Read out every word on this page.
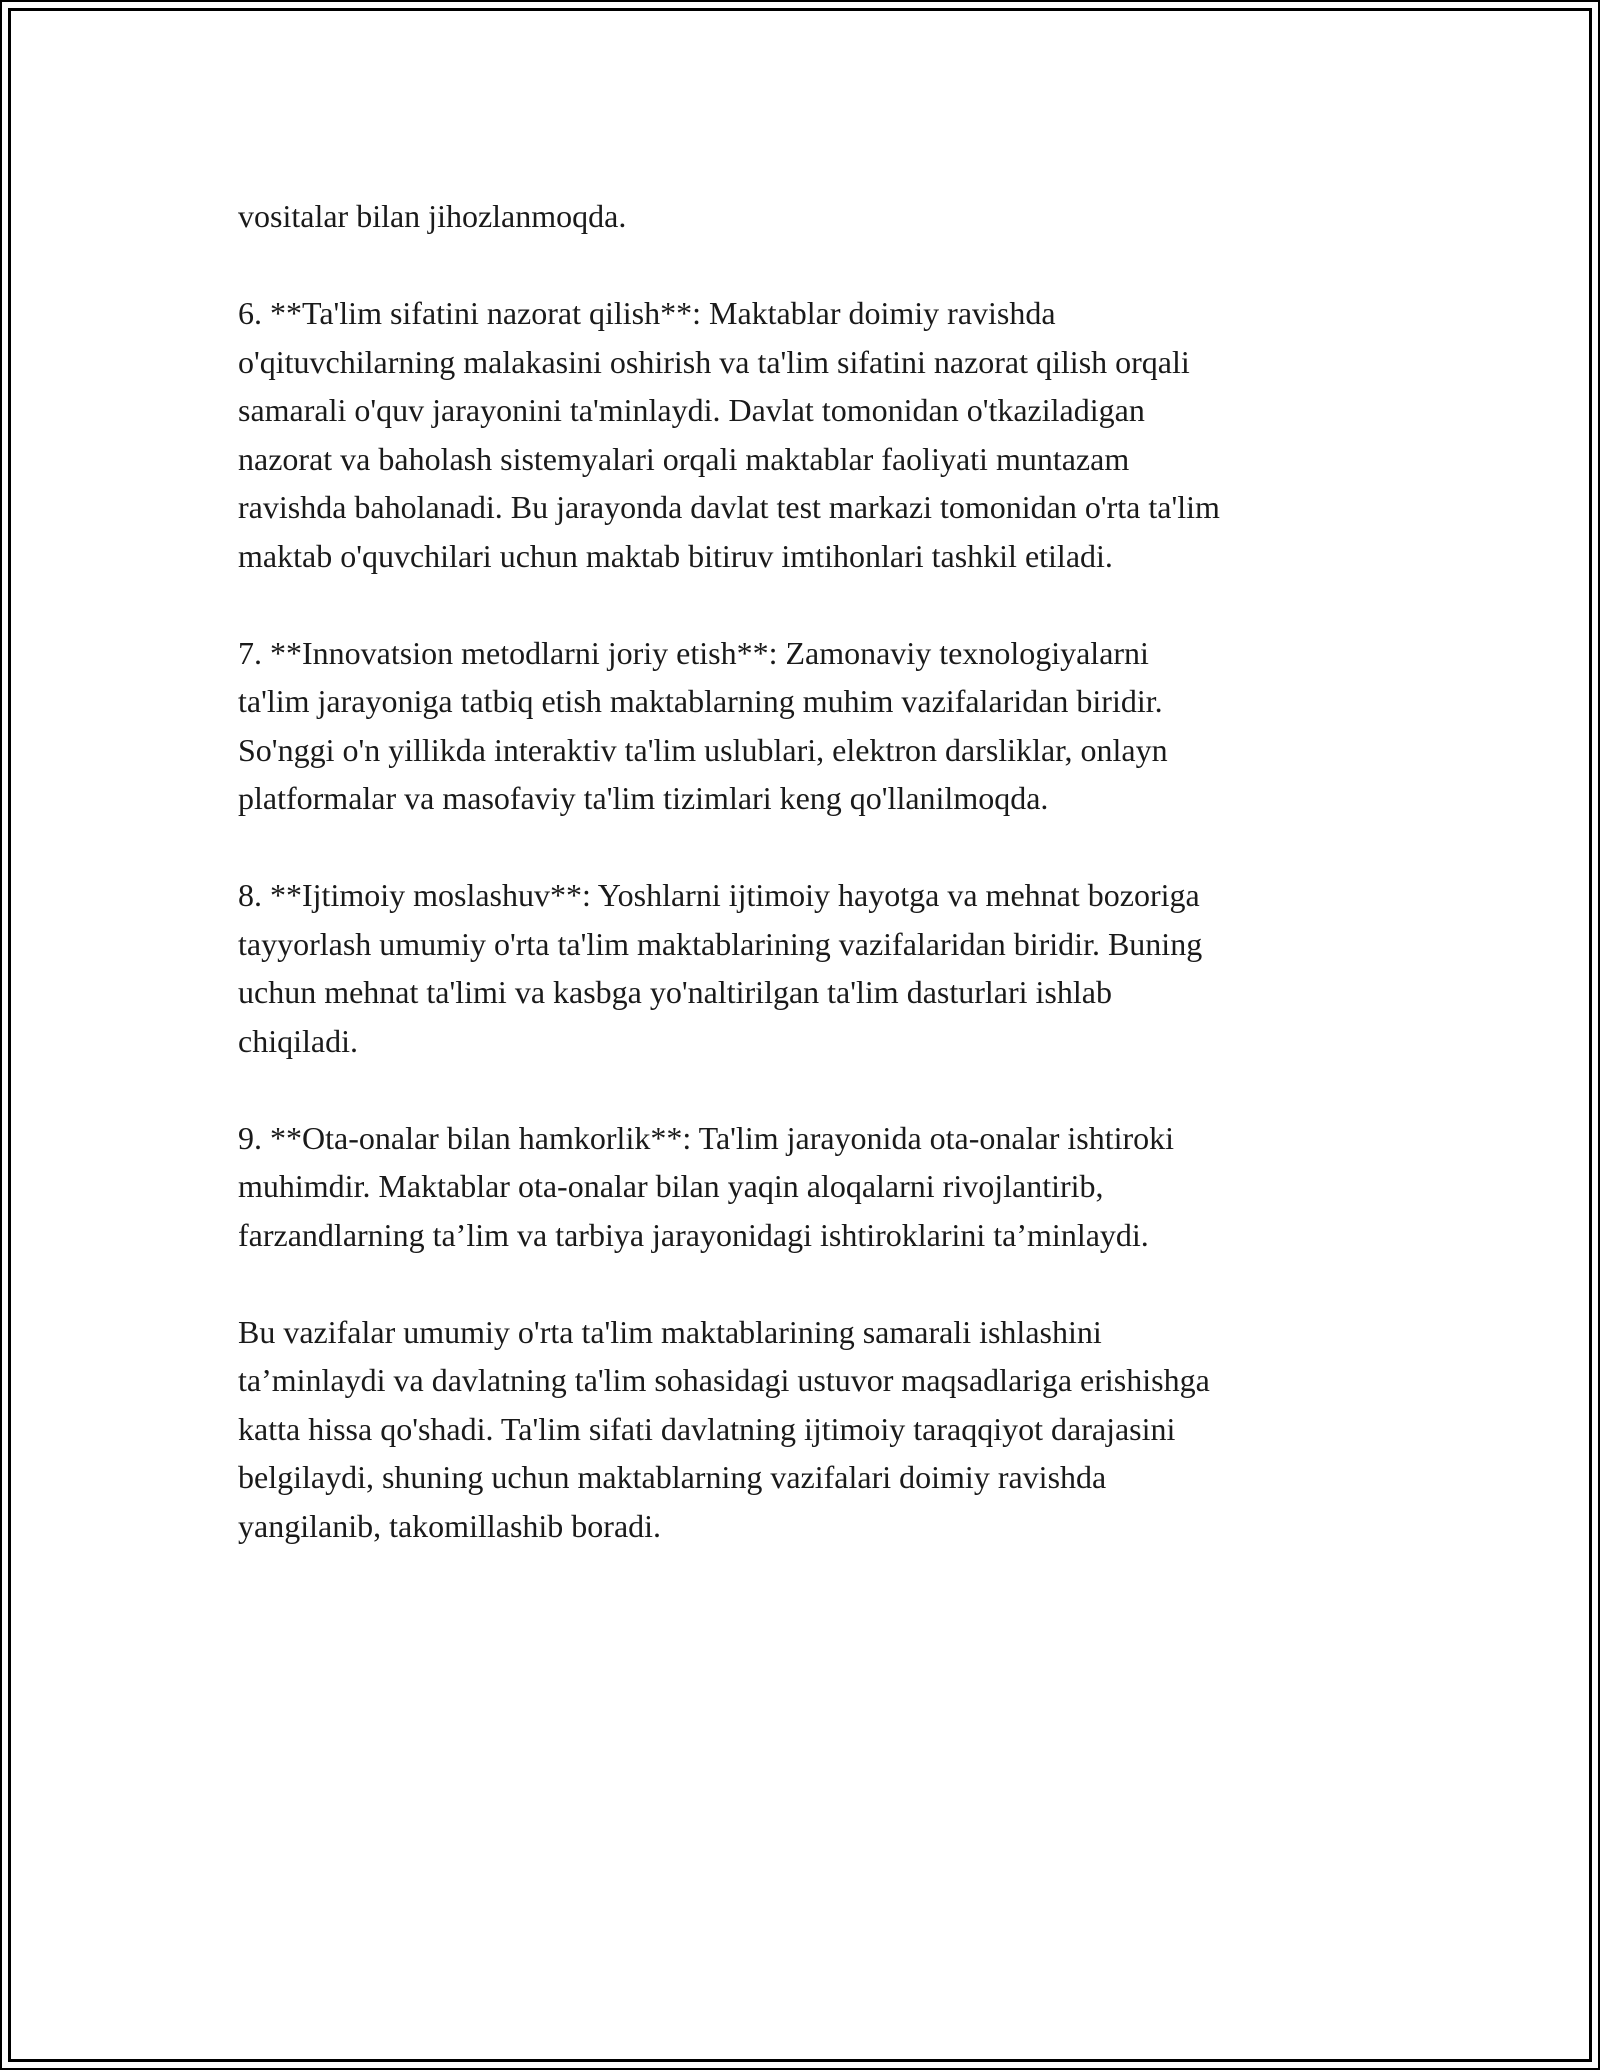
vositalar bilan jihozlanmoqda.

6. **Ta'lim sifatini nazorat qilish**: Maktablar doimiy ravishda
o'qituvchilarning malakasini oshirish va ta'lim sifatini nazorat qilish orqali
samarali o'quv jarayonini ta'minlaydi. Davlat tomonidan o'tkaziladigan
nazorat va baholash sistemyalari orqali maktablar faoliyati muntazam
ravishda baholanadi. Bu jarayonda davlat test markazi tomonidan o'rta ta'lim
maktab o'quvchilari uchun maktab bitiruv imtihonlari tashkil etiladi.

7. **Innovatsion metodlarni joriy etish**: Zamonaviy texnologiyalarni
ta'lim jarayoniga tatbiq etish maktablarning muhim vazifalaridan biridir.
So'nggi o'n yillikda interaktiv ta'lim uslublari, elektron darsliklar, onlayn
platformalar va masofaviy ta'lim tizimlari keng qo'llanilmoqda.

8. **Ijtimoiy moslashuv**: Yoshlarni ijtimoiy hayotga va mehnat bozoriga
tayyorlash umumiy o'rta ta'lim maktablarining vazifalaridan biridir. Buning
uchun mehnat ta'limi va kasbga yo'naltirilgan ta'lim dasturlari ishlab
chiqiladi.

9. **Ota-onalar bilan hamkorlik**: Ta'lim jarayonida ota-onalar ishtiroki
muhimdir. Maktablar ota-onalar bilan yaqin aloqalarni rivojlantirib,
farzandlarning ta’lim va tarbiya jarayonidagi ishtiroklarini ta’minlaydi.

Bu vazifalar umumiy o'rta ta'lim maktablarining samarali ishlashini
ta’minlaydi va davlatning ta'lim sohasidagi ustuvor maqsadlariga erishishga
katta hissa qo'shadi. Ta'lim sifati davlatning ijtimoiy taraqqiyot darajasini
belgilaydi, shuning uchun maktablarning vazifalari doimiy ravishda
yangilanib, takomillashib boradi.
